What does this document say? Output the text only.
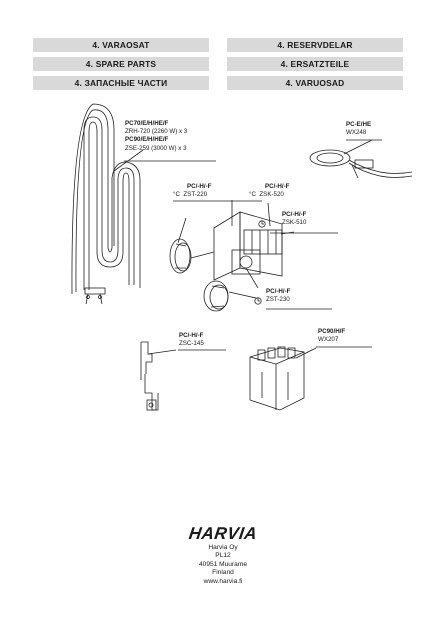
4. VARAOSAT	4. RESERVDELAR
4. SPARE PARTS	4. ERSATZTEILE
4. ЗАПАСНЫЕ ЧАСТИ	4. VARUOSAD
PC70/E/H/HE/F
ZRH-720 (2260 W) x 3
PC90/E/H/HE/F
ZSE-259 (3000 W) x 3
PC-E/HE
WX248
PC/-H/-F
°C ZST-220
PC/-H/-F
°C ZSK-520
PC/-H/-F
ZSK-510
PC/-H/-F
ZST-230
PC/-H/-F
ZSC-145
PC90/H/F
WX207
HARVIA
Harvia Oy
PL12
40951 Muurame
Finland
www.harvia.fi
